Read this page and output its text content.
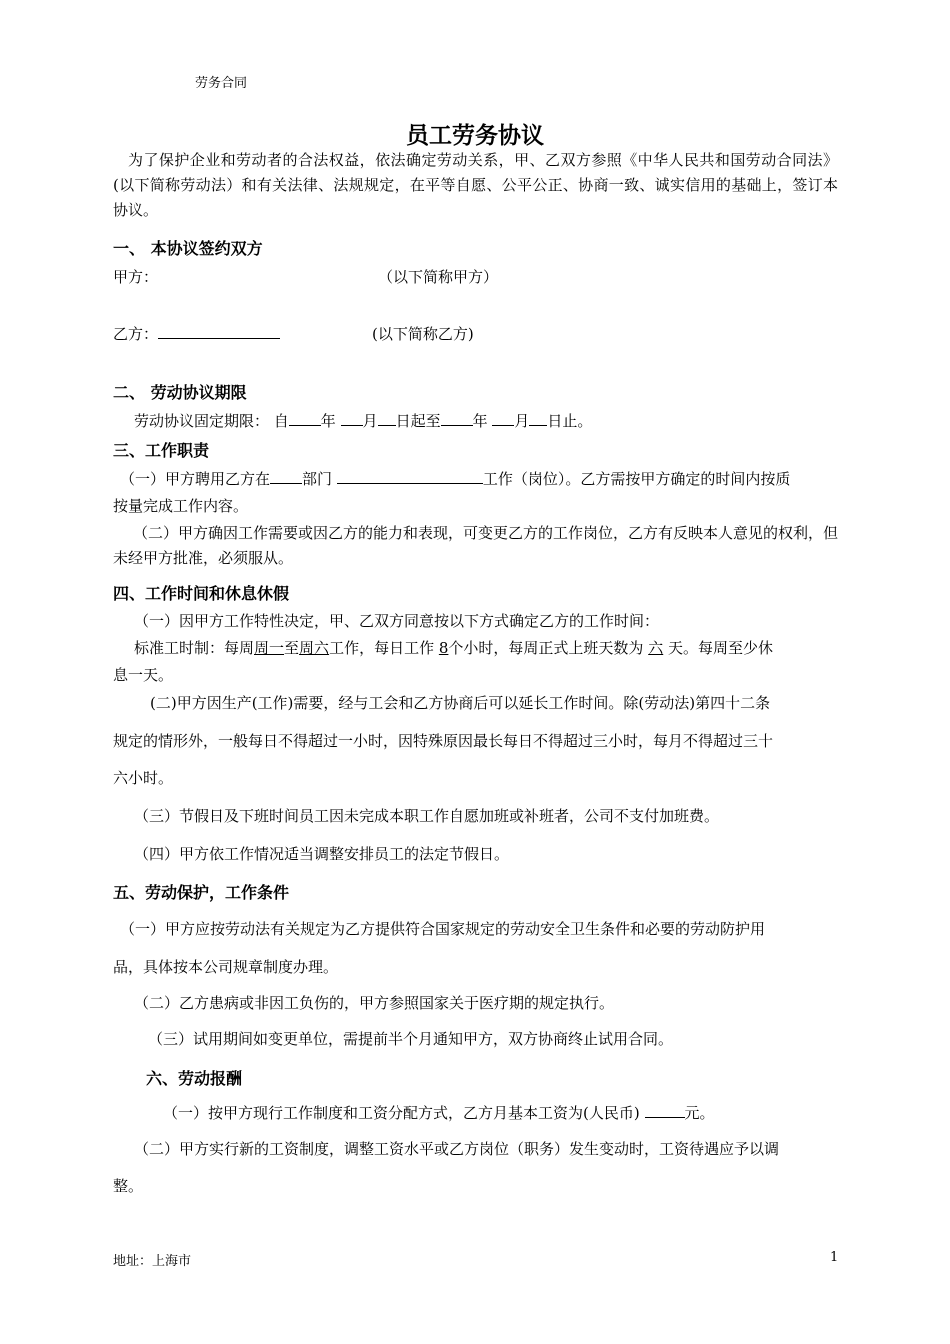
劳务合同
员工劳务协议
为了保护企业和劳动者的合法权益，依法确定劳动关系，甲、乙双方参照《中华人民共和国劳动合同法》(以下简称劳动法）和有关法律、法规规定，在平等自愿、公平公正、协商一致、诚实信用的基础上，签订本协议。
一、 本协议签约双方
甲方：	（以下简称甲方）
乙方：	(以下简称乙方)
二、 劳动协议期限
劳动协议固定期限： 自 年 月 日起至 年 月 日止。
三、工作职责
（一）甲方聘用乙方在 部门	工作（岗位）。乙方需按甲方确定的时间内按质
按量完成工作内容。
（二）甲方确因工作需要或因乙方的能力和表现，可变更乙方的工作岗位，乙方有反映本人意见的权利，但未经甲方批准，必须服从。
四、工作时间和休息休假
（一）因甲方工作特性决定，甲、乙双方同意按以下方式确定乙方的工作时间：
标准工时制：每周周一至周六工作，每日工作 8个小时，每周正式上班天数为 六 天。每周至少休
息一天。
(二)甲方因生产(工作)需要，经与工会和乙方协商后可以延长工作时间。除(劳动法)第四十二条
规定的情形外，一般每日不得超过一小时，因特殊原因最长每日不得超过三小时，每月不得超过三十
六小时。
（三）节假日及下班时间员工因未完成本职工作自愿加班或补班者，公司不支付加班费。
（四）甲方依工作情况适当调整安排员工的法定节假日。
五、劳动保护，工作条件
（一）甲方应按劳动法有关规定为乙方提供符合国家规定的劳动安全卫生条件和必要的劳动防护用
品，具体按本公司规章制度办理。
（二）乙方患病或非因工负伤的，甲方参照国家关于医疗期的规定执行。
（三）试用期间如变更单位，需提前半个月通知甲方，双方协商终止试用合同。
六、劳动报酬
（一）按甲方现行工作制度和工资分配方式，乙方月基本工资为(人民币)	元。
（二）甲方实行新的工资制度，调整工资水平或乙方岗位（职务）发生变动时，工资待遇应予以调
整。
地址：上海市	1
